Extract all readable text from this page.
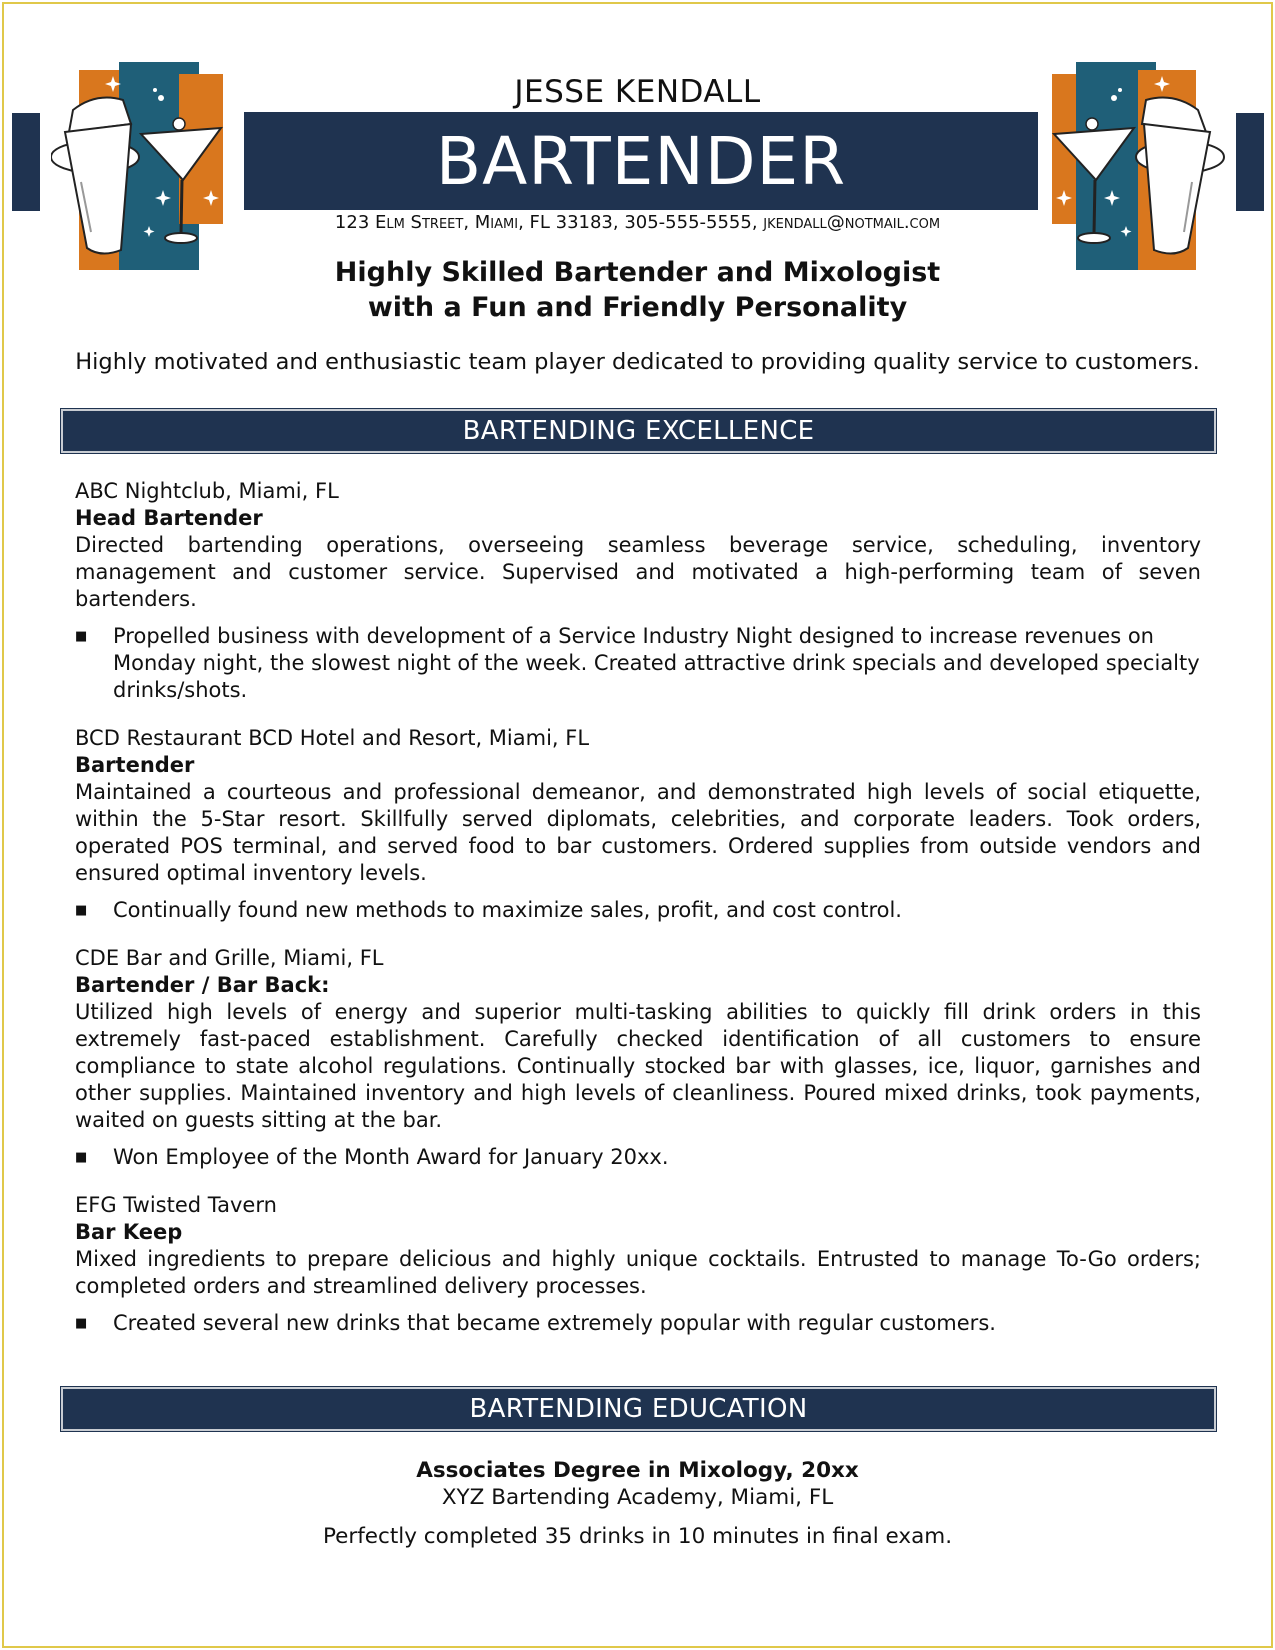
JESSE KENDALL
BARTENDER
123 Elm Street, Miami, FL 33183, 305-555-5555, jkendall@notmail.com
Highly Skilled Bartender and Mixologist
with a Fun and Friendly Personality
Highly motivated and enthusiastic team player dedicated to providing quality service to customers.
BARTENDING EXCELLENCE
ABC Nightclub, Miami, FL
Head Bartender
Directed bartending operations, overseeing seamless beverage service, scheduling, inventory management and customer service. Supervised and motivated a high-performing team of seven bartenders.
■	Propelled business with development of a Service Industry Night designed to increase revenues on Monday night, the slowest night of the week. Created attractive drink specials and developed specialty drinks/shots.
BCD Restaurant BCD Hotel and Resort, Miami, FL
Bartender
Maintained a courteous and professional demeanor, and demonstrated high levels of social etiquette, within the 5-Star resort. Skillfully served diplomats, celebrities, and corporate leaders. Took orders, operated POS terminal, and served food to bar customers. Ordered supplies from outside vendors and ensured optimal inventory levels.
■	Continually found new methods to maximize sales, profit, and cost control.
CDE Bar and Grille, Miami, FL
Bartender / Bar Back:
Utilized high levels of energy and superior multi-tasking abilities to quickly fill drink orders in this extremely fast-paced establishment. Carefully checked identification of all customers to ensure compliance to state alcohol regulations. Continually stocked bar with glasses, ice, liquor, garnishes and other supplies. Maintained inventory and high levels of cleanliness. Poured mixed drinks, took payments, waited on guests sitting at the bar.
■	Won Employee of the Month Award for January 20xx.
EFG Twisted Tavern
Bar Keep
Mixed ingredients to prepare delicious and highly unique cocktails. Entrusted to manage To-Go orders; completed orders and streamlined delivery processes.
■	Created several new drinks that became extremely popular with regular customers.
BARTENDING EDUCATION
Associates Degree in Mixology, 20xx
XYZ Bartending Academy, Miami, FL
Perfectly completed 35 drinks in 10 minutes in final exam.
